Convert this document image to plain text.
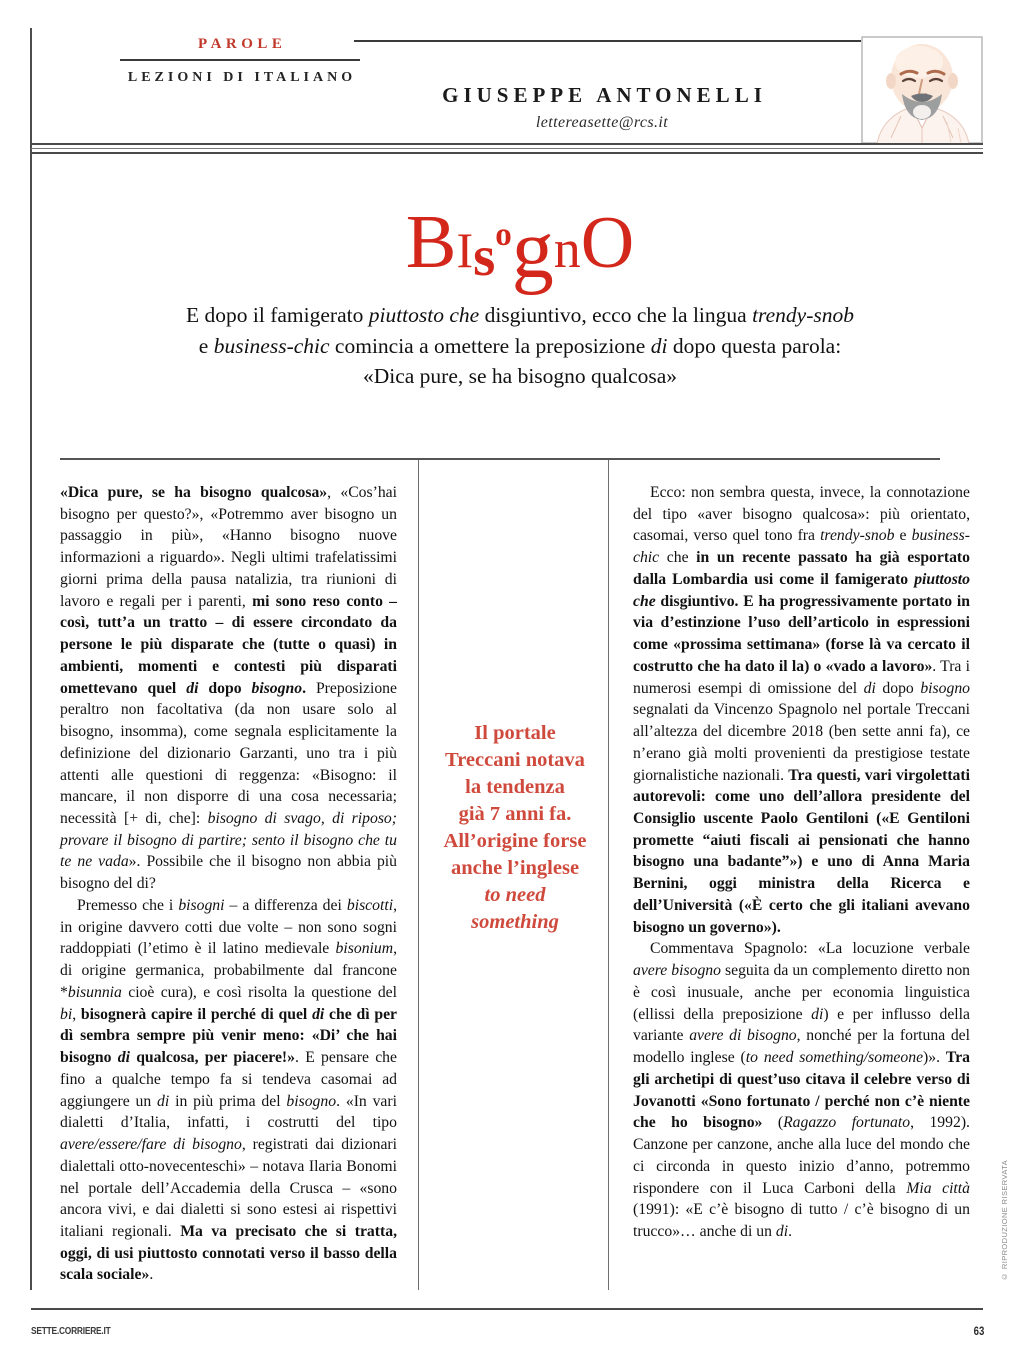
PAROLE
LEZIONI DI ITALIANO
GIUSEPPE ANTONELLI
lettereasette@rcs.it
BIsognO
E dopo il famigerato piuttosto che disgiuntivo, ecco che la lingua trendy-snob e business-chic comincia a omettere la preposizione di dopo questa parola: «Dica pure, se ha bisogno qualcosa»

«Dica pure, se ha bisogno qualcosa», «Cos’hai bisogno per questo?», «Potremmo aver bisogno un passaggio in più», «Hanno bisogno nuove informazioni a riguardo». Negli ultimi trafelatissimi giorni prima della pausa natalizia, tra riunioni di lavoro e regali per i parenti, mi sono reso conto – così, tutt’a un tratto – di essere circondato da persone le più disparate che (tutte o quasi) in ambienti, momenti e contesti più disparati omettevano quel di dopo bisogno. Preposizione peraltro non facoltativa (da non usare solo al bisogno, insomma), come segnala esplicitamente la definizione del dizionario Garzanti, uno tra i più attenti alle questioni di reggenza: «Bisogno: il mancare, il non disporre di una cosa necessaria; necessità [+ di, che]: bisogno di svago, di riposo; provare il bisogno di partire; sento il bisogno che tu te ne vada». Possibile che il bisogno non abbia più bisogno del di?

Premesso che i bisogni – a differenza dei biscotti, in origine davvero cotti due volte – non sono sogni raddoppiati (l’etimo è il latino medievale bisonium, di origine germanica, probabilmente dal francone *bisunnia cioè cura), e così risolta la questione del bi, bisognerà capire il perché di quel di che dì per dì sembra sempre più venir meno: «Di’ che hai bisogno di qualcosa, per piacere!». E pensare che fino a qualche tempo fa si tendeva casomai ad aggiungere un di in più prima del bisogno. «In vari dialetti d’Italia, infatti, i costrutti del tipo avere/essere/fare di bisogno, registrati dai dizionari dialettali otto-novecenteschi» – notava Ilaria Bonomi nel portale dell’Accademia della Crusca – «sono ancora vivi, e dai dialetti si sono estesi ai rispettivi italiani regionali. Ma va precisato che si tratta, oggi, di usi piuttosto connotati verso il basso della scala sociale».

Il portale
Treccani notava
la tendenza
già 7 anni fa.
All’origine forse
anche l’inglese
to need
something

Ecco: non sembra questa, invece, la connotazione del tipo «aver bisogno qualcosa»: più orientato, casomai, verso quel tono fra trendy-snob e business-chic che in un recente passato ha già esportato dalla Lombardia usi come il famigerato piuttosto che disgiuntivo. E ha progressivamente portato in via d’estinzione l’uso dell’articolo in espressioni come «prossima settimana» (forse là va cercato il costrutto che ha dato il la) o «vado a lavoro». Tra i numerosi esempi di omissione del di dopo bisogno segnalati da Vincenzo Spagnolo nel portale Treccani all’altezza del dicembre 2018 (ben sette anni fa), ce n’erano già molti provenienti da prestigiose testate giornalistiche nazionali. Tra questi, vari virgolettati autorevoli: come uno dell’allora presidente del Consiglio uscente Paolo Gentiloni («E Gentiloni promette “aiuti fiscali ai pensionati che hanno bisogno una badante”») e uno di Anna Maria Bernini, oggi ministra della Ricerca e dell’Università («È certo che gli italiani avevano bisogno un governo»).

Commentava Spagnolo: «La locuzione verbale avere bisogno seguita da un complemento diretto non è così inusuale, anche per economia linguistica (ellissi della preposizione di) e per influsso della variante avere di bisogno, nonché per la fortuna del modello inglese (to need something/someone)». Tra gli archetipi di quest’uso citava il celebre verso di Jovanotti «Sono fortunato / perché non c’è niente che ho bisogno» (Ragazzo fortunato, 1992). Canzone per canzone, anche alla luce del mondo che ci circonda in questo inizio d’anno, potremmo rispondere con il Luca Carboni della Mia città (1991): «E c’è bisogno di tutto / c’è bisogno di un trucco»… anche di un di.	© RIPRODUZIONE RISERVATA
SETTE.CORRIERE.IT	63
